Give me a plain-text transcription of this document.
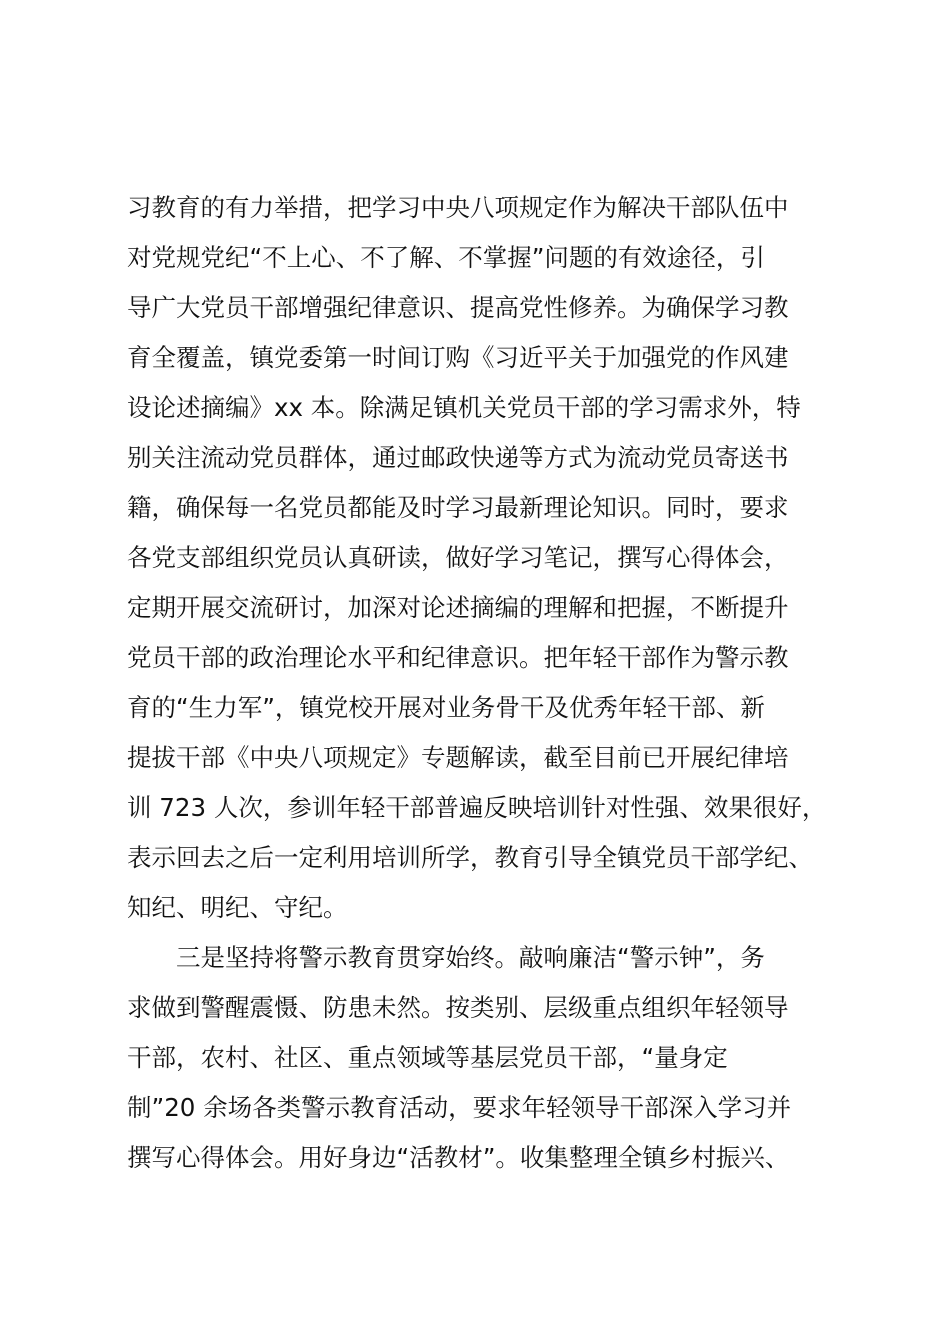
习教育的有力举措，把学习中央八项规定作为解决干部队伍中
对党规党纪“不上心、不了解、不掌握”问题的有效途径，引
导广大党员干部增强纪律意识、提高党性修养。为确保学习教
育全覆盖，镇党委第一时间订购《习近平关于加强党的作风建
设论述摘编》xx 本。除满足镇机关党员干部的学习需求外，特
别关注流动党员群体，通过邮政快递等方式为流动党员寄送书
籍，确保每一名党员都能及时学习最新理论知识。同时，要求
各党支部组织党员认真研读，做好学习笔记，撰写心得体会，
定期开展交流研讨，加深对论述摘编的理解和把握，不断提升
党员干部的政治理论水平和纪律意识。把年轻干部作为警示教
育的“生力军”，镇党校开展对业务骨干及优秀年轻干部、新
提拔干部《中央八项规定》专题解读，截至目前已开展纪律培
训 723 人次，参训年轻干部普遍反映培训针对性强、效果很好，
表示回去之后一定利用培训所学，教育引导全镇党员干部学纪、
知纪、明纪、守纪。
　　三是坚持将警示教育贯穿始终。敲响廉洁“警示钟”，务
求做到警醒震慑、防患未然。按类别、层级重点组织年轻领导
干部，农村、社区、重点领域等基层党员干部，“量身定
制”20 余场各类警示教育活动，要求年轻领导干部深入学习并
撰写心得体会。用好身边“活教材”。收集整理全镇乡村振兴、
